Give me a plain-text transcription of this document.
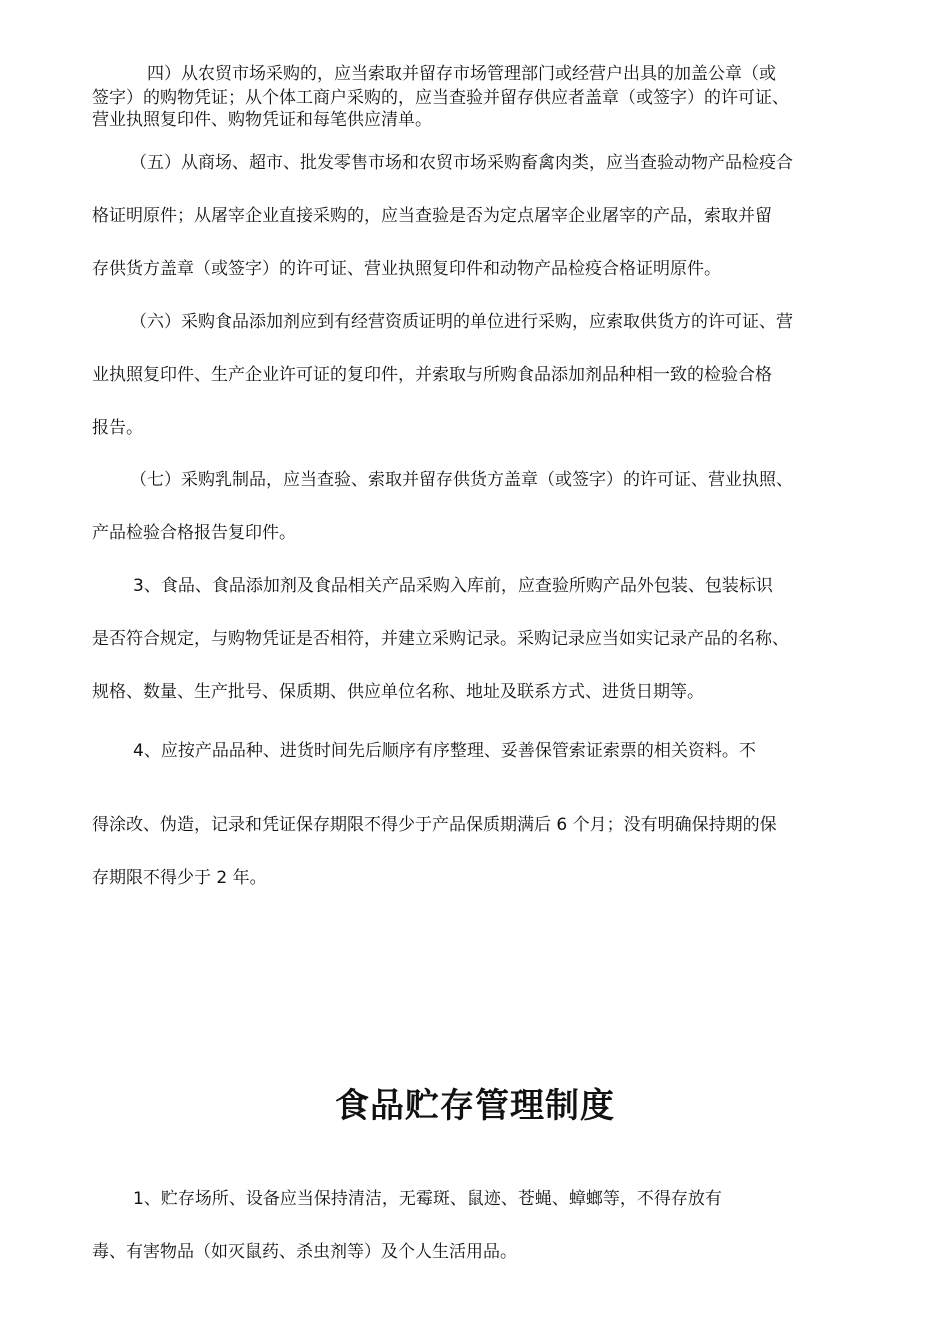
四）从农贸市场采购的，应当索取并留存市场管理部门或经营户出具的加盖公章（或

签字）的购物凭证；从个体工商户采购的，应当查验并留存供应者盖章（或签字）的许可证、

营业执照复印件、购物凭证和每笔供应清单。

（五）从商场、超市、批发零售市场和农贸市场采购畜禽肉类，应当查验动物产品检疫合

格证明原件；从屠宰企业直接采购的，应当查验是否为定点屠宰企业屠宰的产品，索取并留

存供货方盖章（或签字）的许可证、营业执照复印件和动物产品检疫合格证明原件。

（六）采购食品添加剂应到有经营资质证明的单位进行采购，应索取供货方的许可证、营

业执照复印件、生产企业许可证的复印件，并索取与所购食品添加剂品种相一致的检验合格

报告。

（七）采购乳制品，应当查验、索取并留存供货方盖章（或签字）的许可证、营业执照、

产品检验合格报告复印件。

3、食品、食品添加剂及食品相关产品采购入库前，应查验所购产品外包装、包装标识

是否符合规定，与购物凭证是否相符，并建立采购记录。采购记录应当如实记录产品的名称、

规格、数量、生产批号、保质期、供应单位名称、地址及联系方式、进货日期等。

4、应按产品品种、进货时间先后顺序有序整理、妥善保管索证索票的相关资料。不

得涂改、伪造，记录和凭证保存期限不得少于产品保质期满后 6 个月；没有明确保持期的保

存期限不得少于 2 年。

食品贮存管理制度

1、贮存场所、设备应当保持清洁，无霉斑、鼠迹、苍蝇、蟑螂等，不得存放有

毒、有害物品（如灭鼠药、杀虫剂等）及个人生活用品。
